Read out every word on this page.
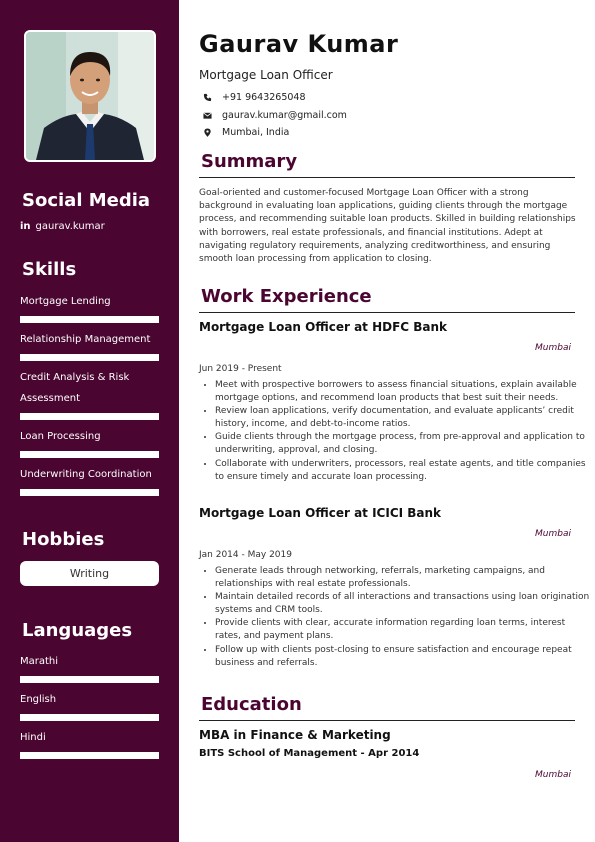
Social Media
in gaurav.kumar
Skills
Mortgage Lending
Relationship Management
Credit Analysis & Risk Assessment
Loan Processing
Underwriting Coordination
Hobbies
Writing
Languages
Marathi
English
Hindi
Gaurav Kumar
Mortgage Loan Officer
+91 9643265048
gaurav.kumar@gmail.com
Mumbai, India
Summary
Goal-oriented and customer-focused Mortgage Loan Officer with a strong background in evaluating loan applications, guiding clients through the mortgage process, and recommending suitable loan products. Skilled in building relationships with borrowers, real estate professionals, and financial institutions. Adept at navigating regulatory requirements, analyzing creditworthiness, and ensuring smooth loan processing from application to closing.
Work Experience
Mortgage Loan Officer at HDFC Bank
Mumbai
Jun 2019 - Present
• Meet with prospective borrowers to assess financial situations, explain available mortgage options, and recommend loan products that best suit their needs.
• Review loan applications, verify documentation, and evaluate applicants’ credit history, income, and debt-to-income ratios.
• Guide clients through the mortgage process, from pre-approval and application to underwriting, approval, and closing.
• Collaborate with underwriters, processors, real estate agents, and title companies to ensure timely and accurate loan processing.
Mortgage Loan Officer at ICICI Bank
Mumbai
Jan 2014 - May 2019
• Generate leads through networking, referrals, marketing campaigns, and relationships with real estate professionals.
• Maintain detailed records of all interactions and transactions using loan origination systems and CRM tools.
• Provide clients with clear, accurate information regarding loan terms, interest rates, and payment plans.
• Follow up with clients post-closing to ensure satisfaction and encourage repeat business and referrals.
Education
MBA in Finance & Marketing
BITS School of Management - Apr 2014
Mumbai
